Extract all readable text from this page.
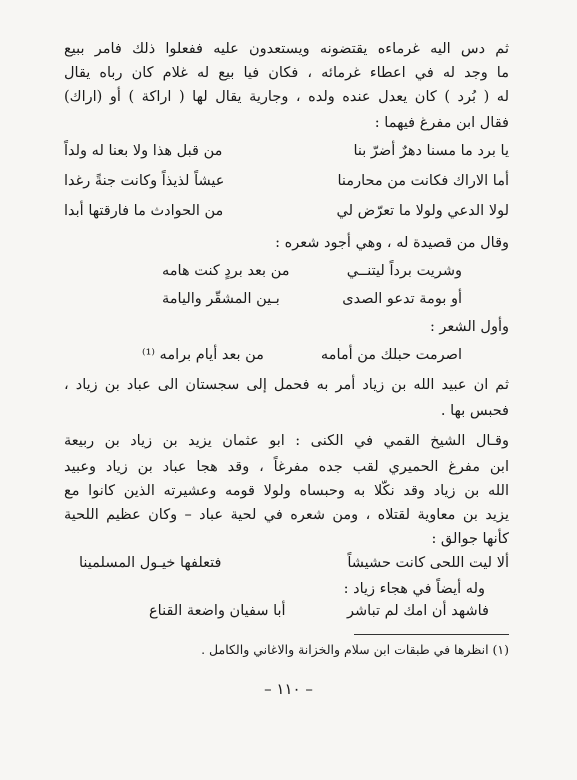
ثم دس اليه غرماءه يقتضونه ويستعدون عليه ففعلوا ذلك فامر ببيع
ما وجد له في اعطاء غرمائه ، فكان فيا بيع له غلام كان رباه يقال
له ( بُرد ) كان يعدل عنده ولده ، وجارية يقال لها ( اراكة ) أو (اراك)
فقال ابن مفرغ فيهما :
يا برد ما مسنا دهرٌ أضرّ بنا
من قبل هذا ولا بعنا له ولداً
أما الاراك فكانت من محارمنا
عيشاً لذيذاً وكانت جنةً رغدا
لولا الدعي ولولا ما تعرّض لي
من الحوادث ما فارقتها أبدا
وقال من قصيدة له ، وهي أجود شعره :
وشريت برداً ليتنــي
من بعد بردٍ كنت هامه
أو بومة تدعو الصدى
بـين المشقّر واليامة
وأول الشعر :
اصرمت حبلك من أمامه
من بعد أيام برامه ⁽¹⁾
ثم ان عبيد الله بن زياد أمر به فحمل إلى سجستان الى عباد بن زياد ،
فحبس بها .
وقـال الشيخ القمي في الكنى : ابو عثمان يزيد بن زياد بن ربيعة
ابن مفرغ الحميري لقب جده مفرغاً ، وقد هجا عباد بن زياد وعبيد
الله بن زياد وقد نكّلا به وحبساه ولولا قومه وعشيرته الذين كانوا مع
يزيد بن معاوية لقتلاه ، ومن شعره في لحية عباد – وكان عظيم اللحية
كأنها جوالق :
ألا ليت اللحى كانت حشيشاً
فتعلفها خيـول المسلمينا
وله أيضاً في هجاء زياد :
فاشهد أن امك لم تباشر
أبا سفيان واضعة القناع
(١) انظرها في طبقات ابن سلام والخزانة والاغاني والكامل .
– ١١٠ –
